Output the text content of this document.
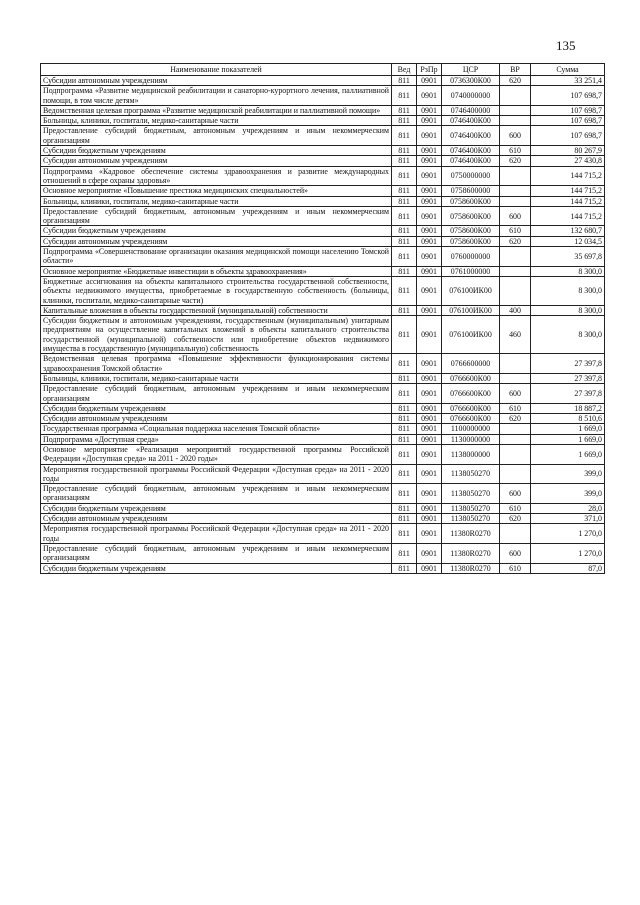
135
Наименование показателей	Вед	РзПр	ЦСР	ВР	Сумма
Субсидии автономным учреждениям	811	0901	0736300К00	620	33 251,4
Подпрограмма «Развитие медицинской реабилитации и санаторно-курортного лечения, паллиативной помощи, в том числе детям»	811	0901	0740000000		107 698,7
Ведомственная целевая программа «Развитие медицинской реабилитации и паллиативной помощи»	811	0901	0746400000		107 698,7
Больницы, клиники, госпитали, медико-санитарные части	811	0901	0746400К00		107 698,7
Предоставление субсидий бюджетным, автономным учреждениям и иным некоммерческим организациям	811	0901	0746400К00	600	107 698,7
Субсидии бюджетным учреждениям	811	0901	0746400К00	610	80 267,9
Субсидии автономным учреждениям	811	0901	0746400К00	620	27 430,8
Подпрограмма «Кадровое обеспечение системы здравоохранения и развитие международных отношений в сфере охраны здоровья»	811	0901	0750000000		144 715,2
Основное мероприятие «Повышение престижа медицинских специальностей»	811	0901	0758600000		144 715,2
Больницы, клиники, госпитали, медико-санитарные части	811	0901	0758600К00		144 715,2
Предоставление субсидий бюджетным, автономным учреждениям и иным некоммерческим организациям	811	0901	0758600К00	600	144 715,2
Субсидии бюджетным учреждениям	811	0901	0758600К00	610	132 680,7
Субсидии автономным учреждениям	811	0901	0758600К00	620	12 034,5
Подпрограмма «Совершенствование организации оказания медицинской помощи населению Томской области»	811	0901	0760000000		35 697,8
Основное мероприятие «Бюджетные инвестиции в объекты здравоохранения»	811	0901	0761000000		8 300,0
Бюджетные ассигнования на объекты капитального строительства государственной собственности, объекты недвижимого имущества, приобретаемые в государственную собственность (больницы, клиники, госпитали, медико-санитарные части)	811	0901	076100ИК00		8 300,0
Капитальные вложения в объекты государственной (муниципальной) собственности	811	0901	076100ИК00	400	8 300,0
Субсидии бюджетным и автономным учреждениям, государственным (муниципальным) унитарным предприятиям на осуществление капитальных вложений в объекты капитального строительства государственной (муниципальной) собственности или приобретение объектов недвижимого имущества в государственную (муниципальную) собственность	811	0901	076100ИК00	460	8 300,0
Ведомственная целевая программа «Повышение эффективности функционирования системы здравоохранения Томской области»	811	0901	0766600000		27 397,8
Больницы, клиники, госпитали, медико-санитарные части	811	0901	0766600К00		27 397,8
Предоставление субсидий бюджетным, автономным учреждениям и иным некоммерческим организациям	811	0901	0766600К00	600	27 397,8
Субсидии бюджетным учреждениям	811	0901	0766600К00	610	18 887,2
Субсидии автономным учреждениям	811	0901	0766600К00	620	8 510,6
Государственная программа «Социальная поддержка населения Томской области»	811	0901	1100000000		1 669,0
Подпрограмма «Доступная среда»	811	0901	1130000000		1 669,0
Основное мероприятие «Реализация мероприятий государственной программы Российской Федерации «Доступная среда» на 2011 - 2020 годы»	811	0901	1138000000		1 669,0
Мероприятия государственной программы Российской Федерации «Доступная среда» на 2011 - 2020 годы	811	0901	1138050270		399,0
Предоставление субсидий бюджетным, автономным учреждениям и иным некоммерческим организациям	811	0901	1138050270	600	399,0
Субсидии бюджетным учреждениям	811	0901	1138050270	610	28,0
Субсидии автономным учреждениям	811	0901	1138050270	620	371,0
Мероприятия государственной программы Российской Федерации «Доступная среда» на 2011 - 2020 годы	811	0901	11380R0270		1 270,0
Предоставление субсидий бюджетным, автономным учреждениям и иным некоммерческим организациям	811	0901	11380R0270	600	1 270,0
Субсидии бюджетным учреждениям	811	0901	11380R0270	610	87,0
